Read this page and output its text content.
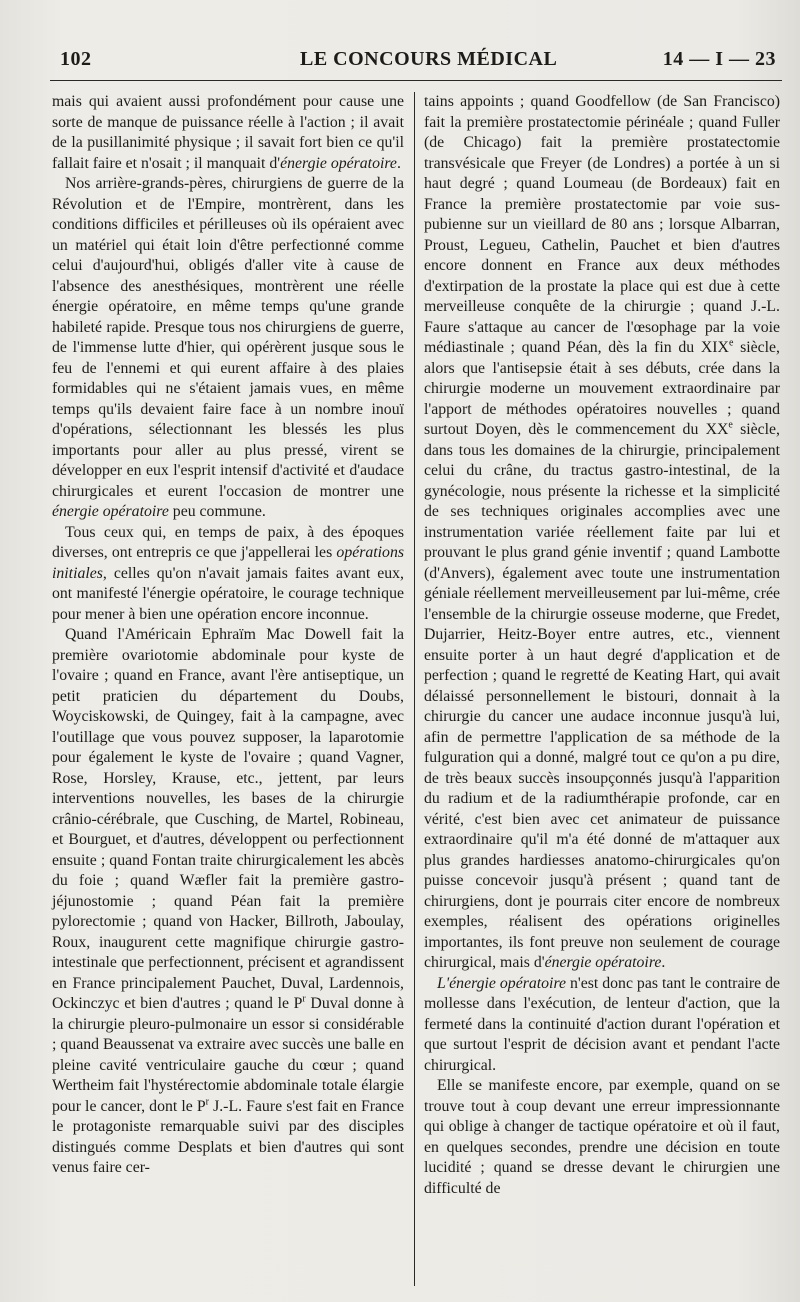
102	LE CONCOURS MÉDICAL	14 — I — 23

mais qui avaient aussi profondément pour cause une sorte de manque de puissance réelle à l'action ; il avait de la pusillanimité physique ; il savait fort bien ce qu'il fallait faire et n'osait ; il manquait d'énergie opératoire.

Nos arrière-grands-pères, chirurgiens de guerre de la Révolution et de l'Empire, montrèrent, dans les conditions difficiles et périlleuses où ils opéraient avec un matériel qui était loin d'être perfectionné comme celui d'aujourd'hui, obligés d'aller vite à cause de l'absence des anesthésiques, montrèrent une réelle énergie opératoire, en même temps qu'une grande habileté rapide. Presque tous nos chirurgiens de guerre, de l'immense lutte d'hier, qui opérèrent jusque sous le feu de l'ennemi et qui eurent affaire à des plaies formidables qui ne s'étaient jamais vues, en même temps qu'ils devaient faire face à un nombre inouï d'opérations, sélectionnant les blessés les plus importants pour aller au plus pressé, virent se développer en eux l'esprit intensif d'activité et d'audace chirurgicales et eurent l'occasion de montrer une énergie opératoire peu commune.

Tous ceux qui, en temps de paix, à des époques diverses, ont entrepris ce que j'appellerai les opérations initiales, celles qu'on n'avait jamais faites avant eux, ont manifesté l'énergie opératoire, le courage technique pour mener à bien une opération encore inconnue.

Quand l'Américain Ephraïm Mac Dowell fait la première ovariotomie abdominale pour kyste de l'ovaire ; quand en France, avant l'ère antiseptique, un petit praticien du département du Doubs, Woyciskowski, de Quingey, fait à la campagne, avec l'outillage que vous pouvez supposer, la laparotomie pour également le kyste de l'ovaire ; quand Vagner, Rose, Horsley, Krause, etc., jettent, par leurs interventions nouvelles, les bases de la chirurgie crânio-cérébrale, que Cusching, de Martel, Robineau, et Bourguet, et d'autres, développent ou perfectionnent ensuite ; quand Fontan traite chirurgicalement les abcès du foie ; quand Wæfler fait la première gastro-jéjunostomie ; quand Péan fait la première pylorectomie ; quand von Hacker, Billroth, Jaboulay, Roux, inaugurent cette magnifique chirurgie gastro-intestinale que perfectionnent, précisent et agrandissent en France principalement Pauchet, Duval, Lardennois, Ockinczyc et bien d'autres ; quand le $P^r$ Duval donne à la chirurgie pleuro-pulmonaire un essor si considérable ; quand Beaussenat va extraire avec succès une balle en pleine cavité ventriculaire gauche du cœur ; quand Wertheim fait l'hystérectomie abdominale totale élargie pour le cancer, dont le $P^r$ J.-L. Faure s'est fait en France le protagoniste remarquable suivi par des disciples distingués comme Desplats et bien d'autres qui sont venus faire cer-

tains appoints ; quand Goodfellow (de San Francisco) fait la première prostatectomie périnéale ; quand Fuller (de Chicago) fait la première prostatectomie transvésicale que Freyer (de Londres) a portée à un si haut degré ; quand Loumeau (de Bordeaux) fait en France la première prostatectomie par voie sus-pubienne sur un vieillard de 80 ans ; lorsque Albarran, Proust, Legueu, Cathelin, Pauchet et bien d'autres encore donnent en France aux deux méthodes d'extirpation de la prostate la place qui est due à cette merveilleuse conquête de la chirurgie ; quand J.-L. Faure s'attaque au cancer de l'œsophage par la voie médiastinale ; quand Péan, dès la fin du XIXe siècle, alors que l'antisepsie était à ses débuts, crée dans la chirurgie moderne un mouvement extraordinaire par l'apport de méthodes opératoires nouvelles ; quand surtout Doyen, dès le commencement du XXe siècle, dans tous les domaines de la chirurgie, principalement celui du crâne, du tractus gastro-intestinal, de la gynécologie, nous présente la richesse et la simplicité de ses techniques originales accomplies avec une instrumentation variée réellement faite par lui et prouvant le plus grand génie inventif ; quand Lambotte (d'Anvers), également avec toute une instrumentation géniale réellement merveilleusement par lui-même, crée l'ensemble de la chirurgie osseuse moderne, que Fredet, Dujarrier, Heitz-Boyer entre autres, etc., viennent ensuite porter à un haut degré d'application et de perfection ; quand le regretté de Keating Hart, qui avait délaissé personnellement le bistouri, donnait à la chirurgie du cancer une audace inconnue jusqu'à lui, afin de permettre l'application de sa méthode de la fulguration qui a donné, malgré tout ce qu'on a pu dire, de très beaux succès insoupçonnés jusqu'à l'apparition du radium et de la radiumthérapie profonde, car en vérité, c'est bien avec cet animateur de puissance extraordinaire qu'il m'a été donné de m'attaquer aux plus grandes hardiesses anatomo-chirurgicales qu'on puisse concevoir jusqu'à présent ; quand tant de chirurgiens, dont je pourrais citer encore de nombreux exemples, réalisent des opérations originelles importantes, ils font preuve non seulement de courage chirurgical, mais d'énergie opératoire.

L'énergie opératoire n'est donc pas tant le contraire de mollesse dans l'exécution, de lenteur d'action, que la fermeté dans la continuité d'action durant l'opération et que surtout l'esprit de décision avant et pendant l'acte chirurgical.

Elle se manifeste encore, par exemple, quand on se trouve tout à coup devant une erreur impressionnante qui oblige à changer de tactique opératoire et où il faut, en quelques secondes, prendre une décision en toute lucidité ; quand se dresse devant le chirurgien une difficulté de
